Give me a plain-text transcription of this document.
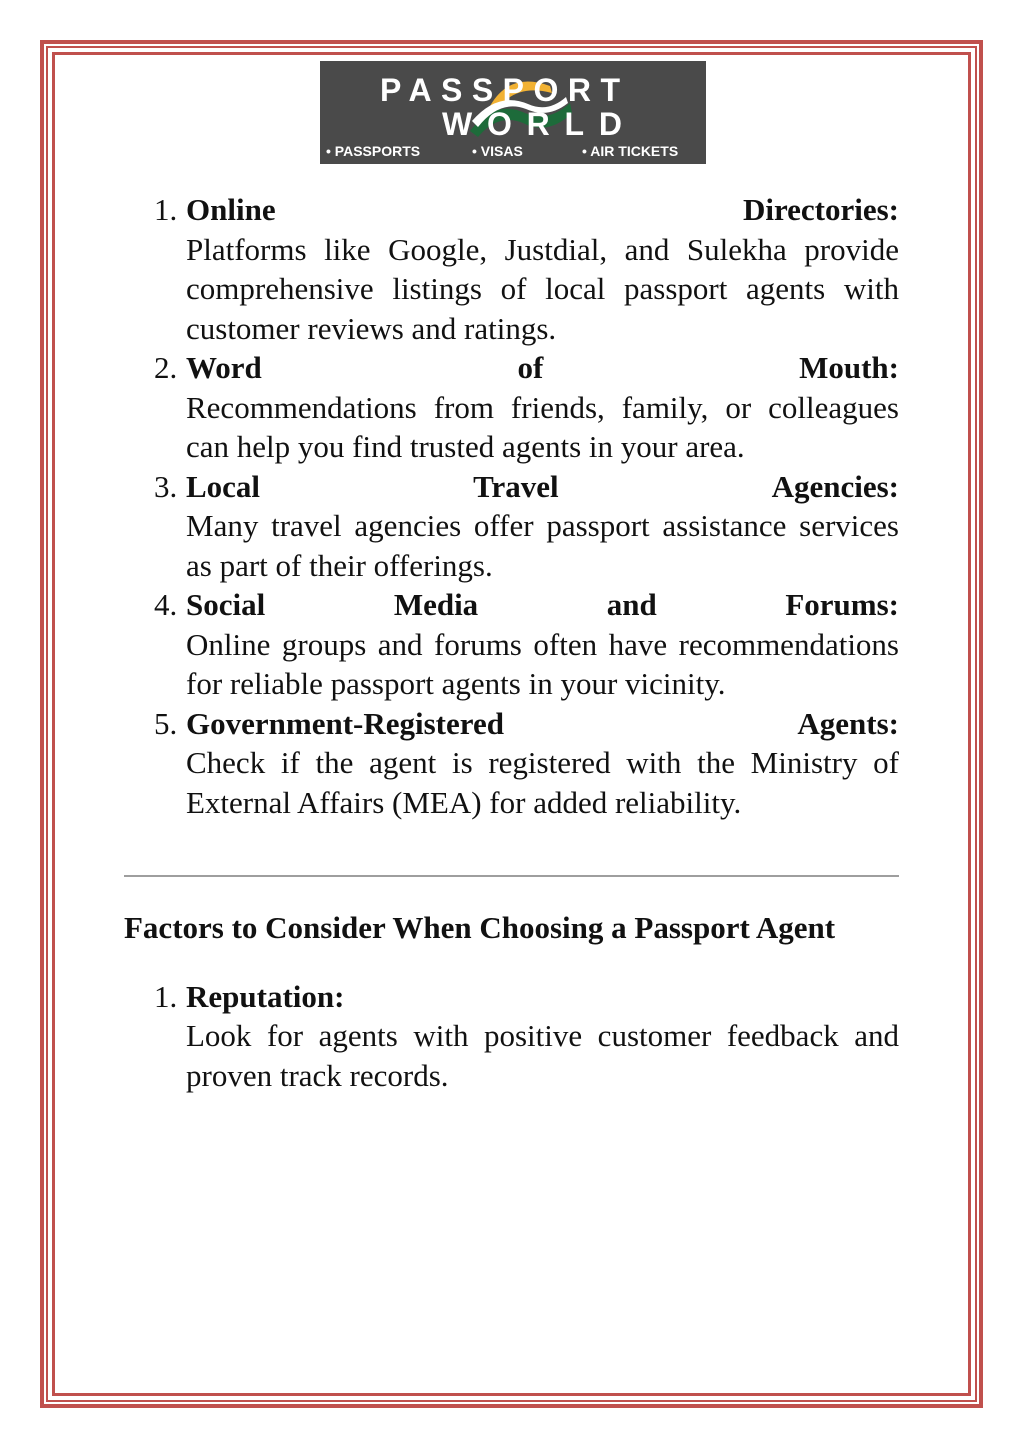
PASSPORT
WORLD
• PASSPORTS	• VISAS	• AIR TICKETS
1. Online	Directories:
Platforms like Google, Justdial, and Sulekha provide comprehensive listings of local passport agents with customer reviews and ratings.
2. Word	of	Mouth:
Recommendations from friends, family, or colleagues can help you find trusted agents in your area.
3. Local	Travel	Agencies:
Many travel agencies offer passport assistance services as part of their offerings.
4. Social	Media	and	Forums:
Online groups and forums often have recommendations for reliable passport agents in your vicinity.
5. Government-Registered	Agents:
Check if the agent is registered with the Ministry of External Affairs (MEA) for added reliability.
Factors to Consider When Choosing a Passport Agent
1. Reputation:
Look for agents with positive customer feedback and proven track records.
